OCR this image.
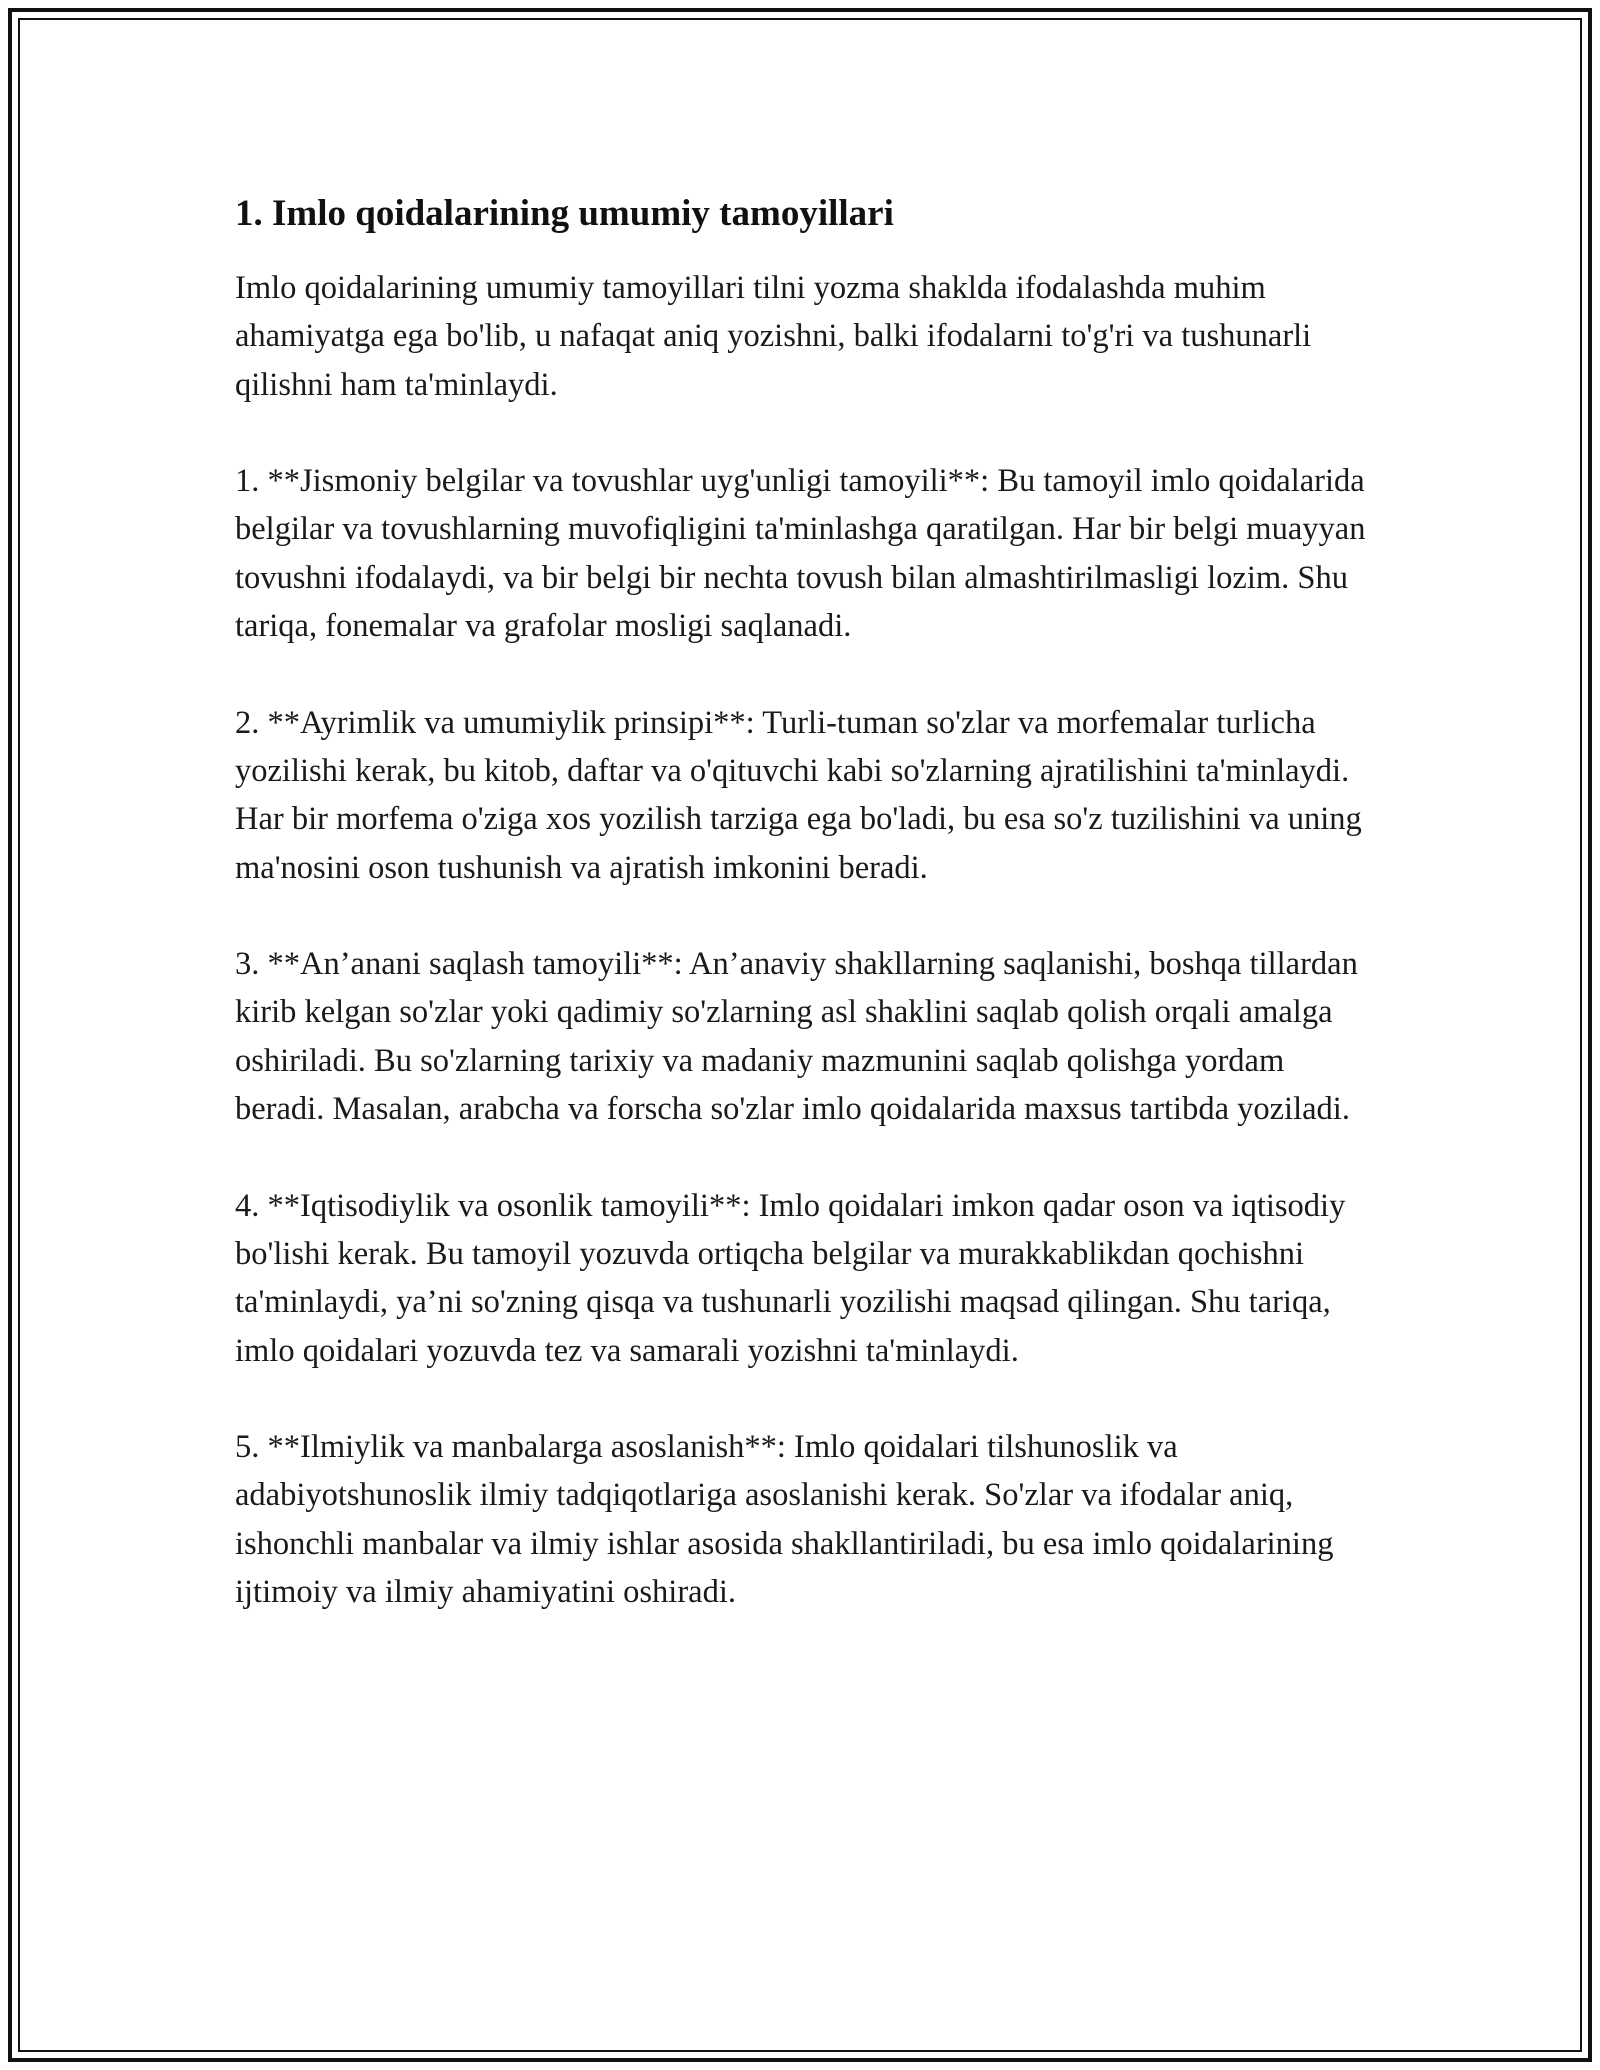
1. Imlo qoidalarining umumiy tamoyillari

Imlo qoidalarining umumiy tamoyillari tilni yozma shaklda ifodalashda muhim ahamiyatga ega bo'lib, u nafaqat aniq yozishni, balki ifodalarni to'g'ri va tushunarli qilishni ham ta'minlaydi.

1. **Jismoniy belgilar va tovushlar uyg'unligi tamoyili**: Bu tamoyil imlo qoidalarida belgilar va tovushlarning muvofiqligini ta'minlashga qaratilgan. Har bir belgi muayyan tovushni ifodalaydi, va bir belgi bir nechta tovush bilan almashtirilmasligi lozim. Shu tariqa, fonemalar va grafolar mosligi saqlanadi.

2. **Ayrimlik va umumiylik prinsipi**: Turli-tuman so'zlar va morfemalar turlicha yozilishi kerak, bu kitob, daftar va o'qituvchi kabi so'zlarning ajratilishini ta'minlaydi. Har bir morfema o'ziga xos yozilish tarziga ega bo'ladi, bu esa so'z tuzilishini va uning ma'nosini oson tushunish va ajratish imkonini beradi.

3. **An’anani saqlash tamoyili**: An’anaviy shakllarning saqlanishi, boshqa tillardan kirib kelgan so'zlar yoki qadimiy so'zlarning asl shaklini saqlab qolish orqali amalga oshiriladi. Bu so'zlarning tarixiy va madaniy mazmunini saqlab qolishga yordam beradi. Masalan, arabcha va forscha so'zlar imlo qoidalarida maxsus tartibda yoziladi.

4. **Iqtisodiylik va osonlik tamoyili**: Imlo qoidalari imkon qadar oson va iqtisodiy bo'lishi kerak. Bu tamoyil yozuvda ortiqcha belgilar va murakkablikdan qochishni ta'minlaydi, ya’ni so'zning qisqa va tushunarli yozilishi maqsad qilingan. Shu tariqa, imlo qoidalari yozuvda tez va samarali yozishni ta'minlaydi.

5. **Ilmiylik va manbalarga asoslanish**: Imlo qoidalari tilshunoslik va adabiyotshunoslik ilmiy tadqiqotlariga asoslanishi kerak. So'zlar va ifodalar aniq, ishonchli manbalar va ilmiy ishlar asosida shakllantiriladi, bu esa imlo qoidalarining ijtimoiy va ilmiy ahamiyatini oshiradi.
